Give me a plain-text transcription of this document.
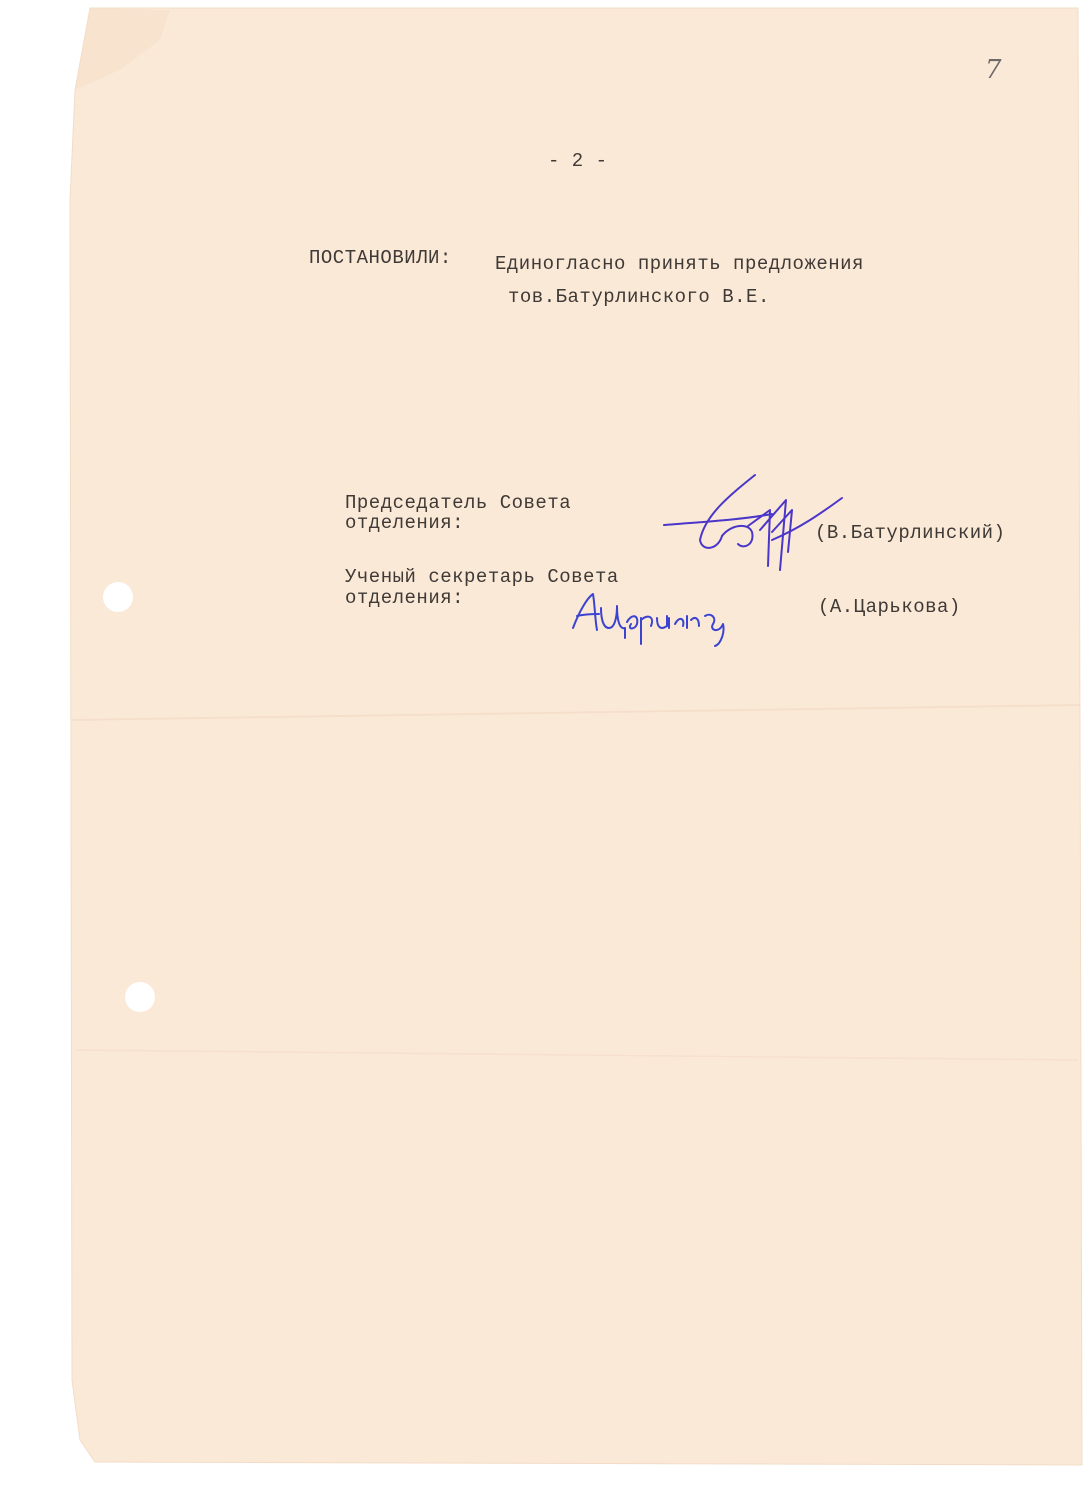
7
- 2 -
ПОСТАНОВИЛИ: Единогласно принять предложения
тов.Батурлинского В.Е.
Председатель Совета
отделения:	(В.Батурлинский)
Ученый секретарь Совета
отделения:	(А.Царькова)
